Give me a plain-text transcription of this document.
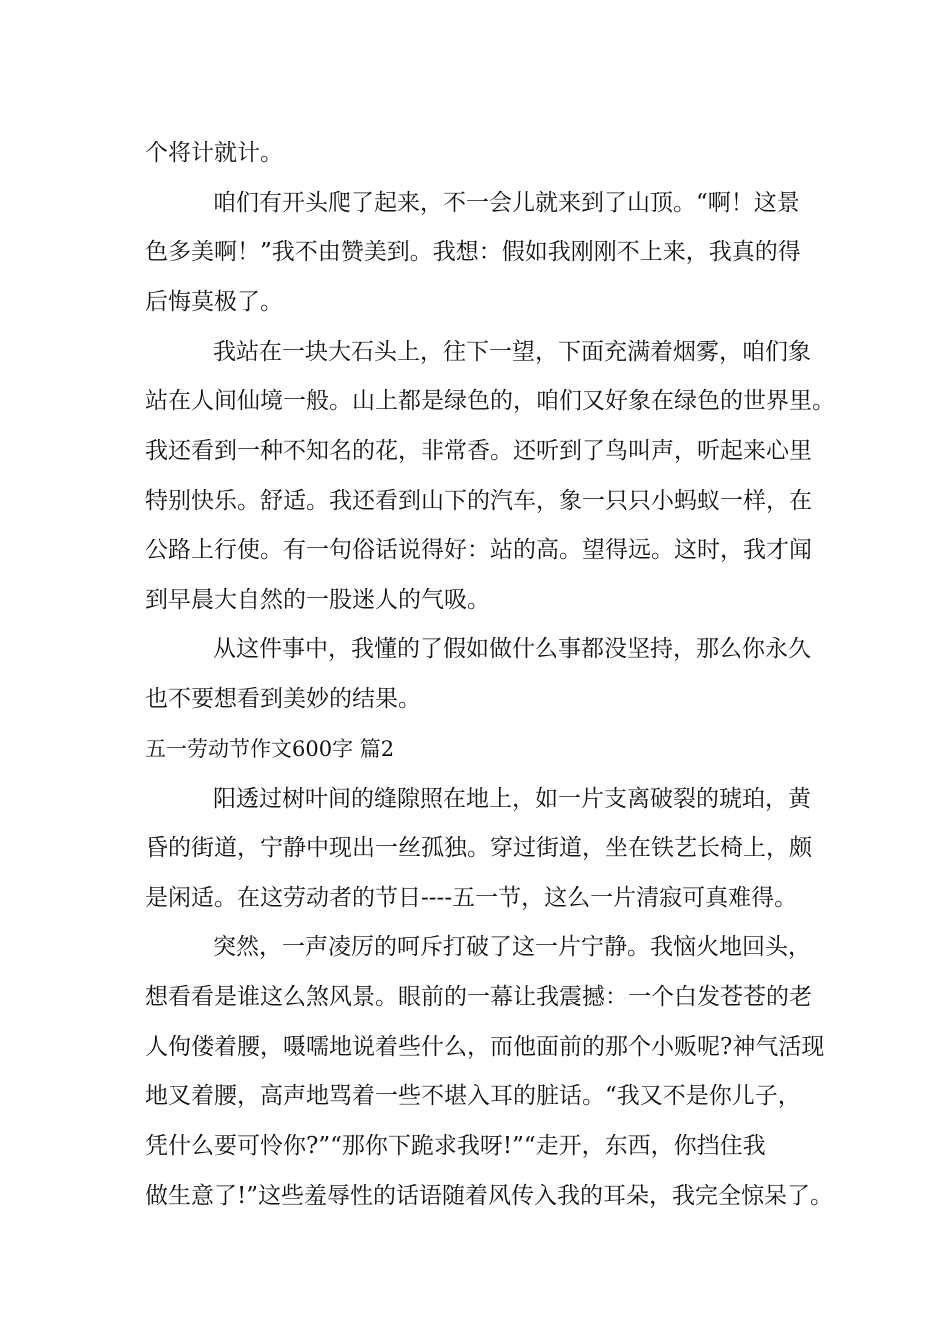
个将计就计。
咱们有开头爬了起来，不一会儿就来到了山顶。“啊！这景
色多美啊！”我不由赞美到。我想：假如我刚刚不上来，我真的得
后悔莫极了。
我站在一块大石头上，往下一望，下面充满着烟雾，咱们象
站在人间仙境一般。山上都是绿色的，咱们又好象在绿色的世界里。
我还看到一种不知名的花，非常香。还听到了鸟叫声，听起来心里
特别快乐。舒适。我还看到山下的汽车，象一只只小蚂蚁一样，在
公路上行使。有一句俗话说得好：站的高。望得远。这时，我才闻
到早晨大自然的一股迷人的气吸。
从这件事中，我懂的了假如做什么事都没坚持，那么你永久
也不要想看到美妙的结果。
五一劳动节作文600字 篇2
阳透过树叶间的缝隙照在地上，如一片支离破裂的琥珀，黄
昏的街道，宁静中现出一丝孤独。穿过街道，坐在铁艺长椅上，颇
是闲适。在这劳动者的节日----五一节，这么一片清寂可真难得。
突然，一声凌厉的呵斥打破了这一片宁静。我恼火地回头，
想看看是谁这么煞风景。眼前的一幕让我震撼：一个白发苍苍的老
人佝偻着腰，嗫嚅地说着些什么，而他面前的那个小贩呢?神气活现
地叉着腰，高声地骂着一些不堪入耳的脏话。“我又不是你儿子，
凭什么要可怜你?”“那你下跪求我呀!”“走开，东西，你挡住我
做生意了!”这些羞辱性的话语随着风传入我的耳朵，我完全惊呆了。
